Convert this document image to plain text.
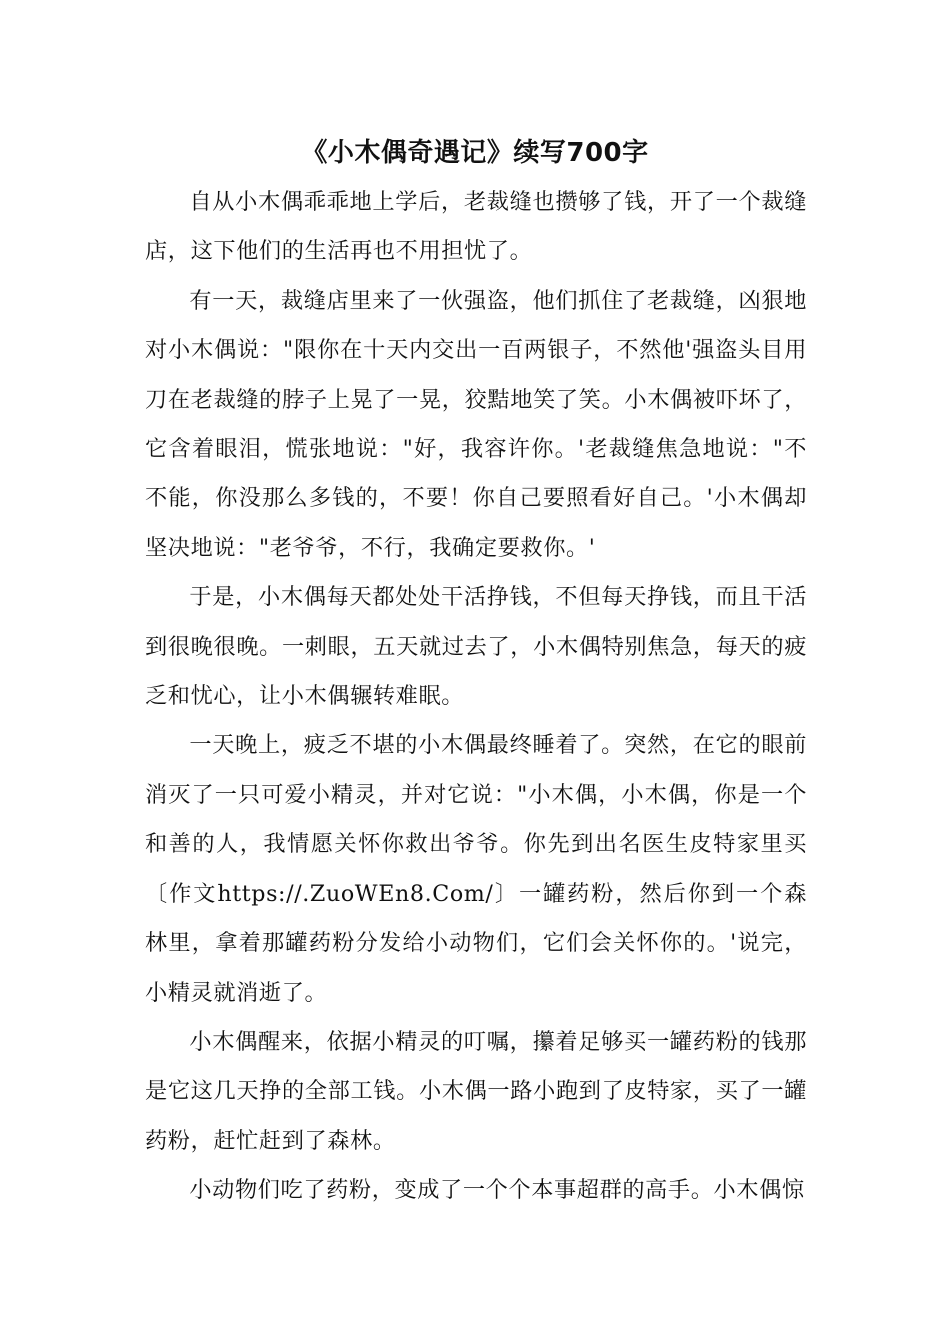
《小木偶奇遇记》续写700字

自从小木偶乖乖地上学后，老裁缝也攒够了钱，开了一个裁缝店，这下他们的生活再也不用担忧了。

有一天，裁缝店里来了一伙强盗，他们抓住了老裁缝，凶狠地对小木偶说："限你在十天内交出一百两银子，不然他'强盗头目用刀在老裁缝的脖子上晃了一晃，狡黠地笑了笑。小木偶被吓坏了，它含着眼泪，慌张地说："好，我容许你。'老裁缝焦急地说："不不能，你没那么多钱的，不要！你自己要照看好自己。'小木偶却坚决地说："老爷爷，不行，我确定要救你。'

于是，小木偶每天都处处干活挣钱，不但每天挣钱，而且干活到很晚很晚。一刺眼，五天就过去了，小木偶特别焦急，每天的疲乏和忧心，让小木偶辗转难眠。

一天晚上，疲乏不堪的小木偶最终睡着了。突然，在它的眼前消灭了一只可爱小精灵，并对它说："小木偶，小木偶，你是一个和善的人，我情愿关怀你救出爷爷。你先到出名医生皮特家里买〔作文https://.ZuoWEn8.Com/〕一罐药粉，然后你到一个森林里，拿着那罐药粉分发给小动物们，它们会关怀你的。'说完，小精灵就消逝了。

小木偶醒来，依据小精灵的叮嘱，攥着足够买一罐药粉的钱那是它这几天挣的全部工钱。小木偶一路小跑到了皮特家，买了一罐药粉，赶忙赶到了森林。

小动物们吃了药粉，变成了一个个本事超群的高手。小木偶惊
